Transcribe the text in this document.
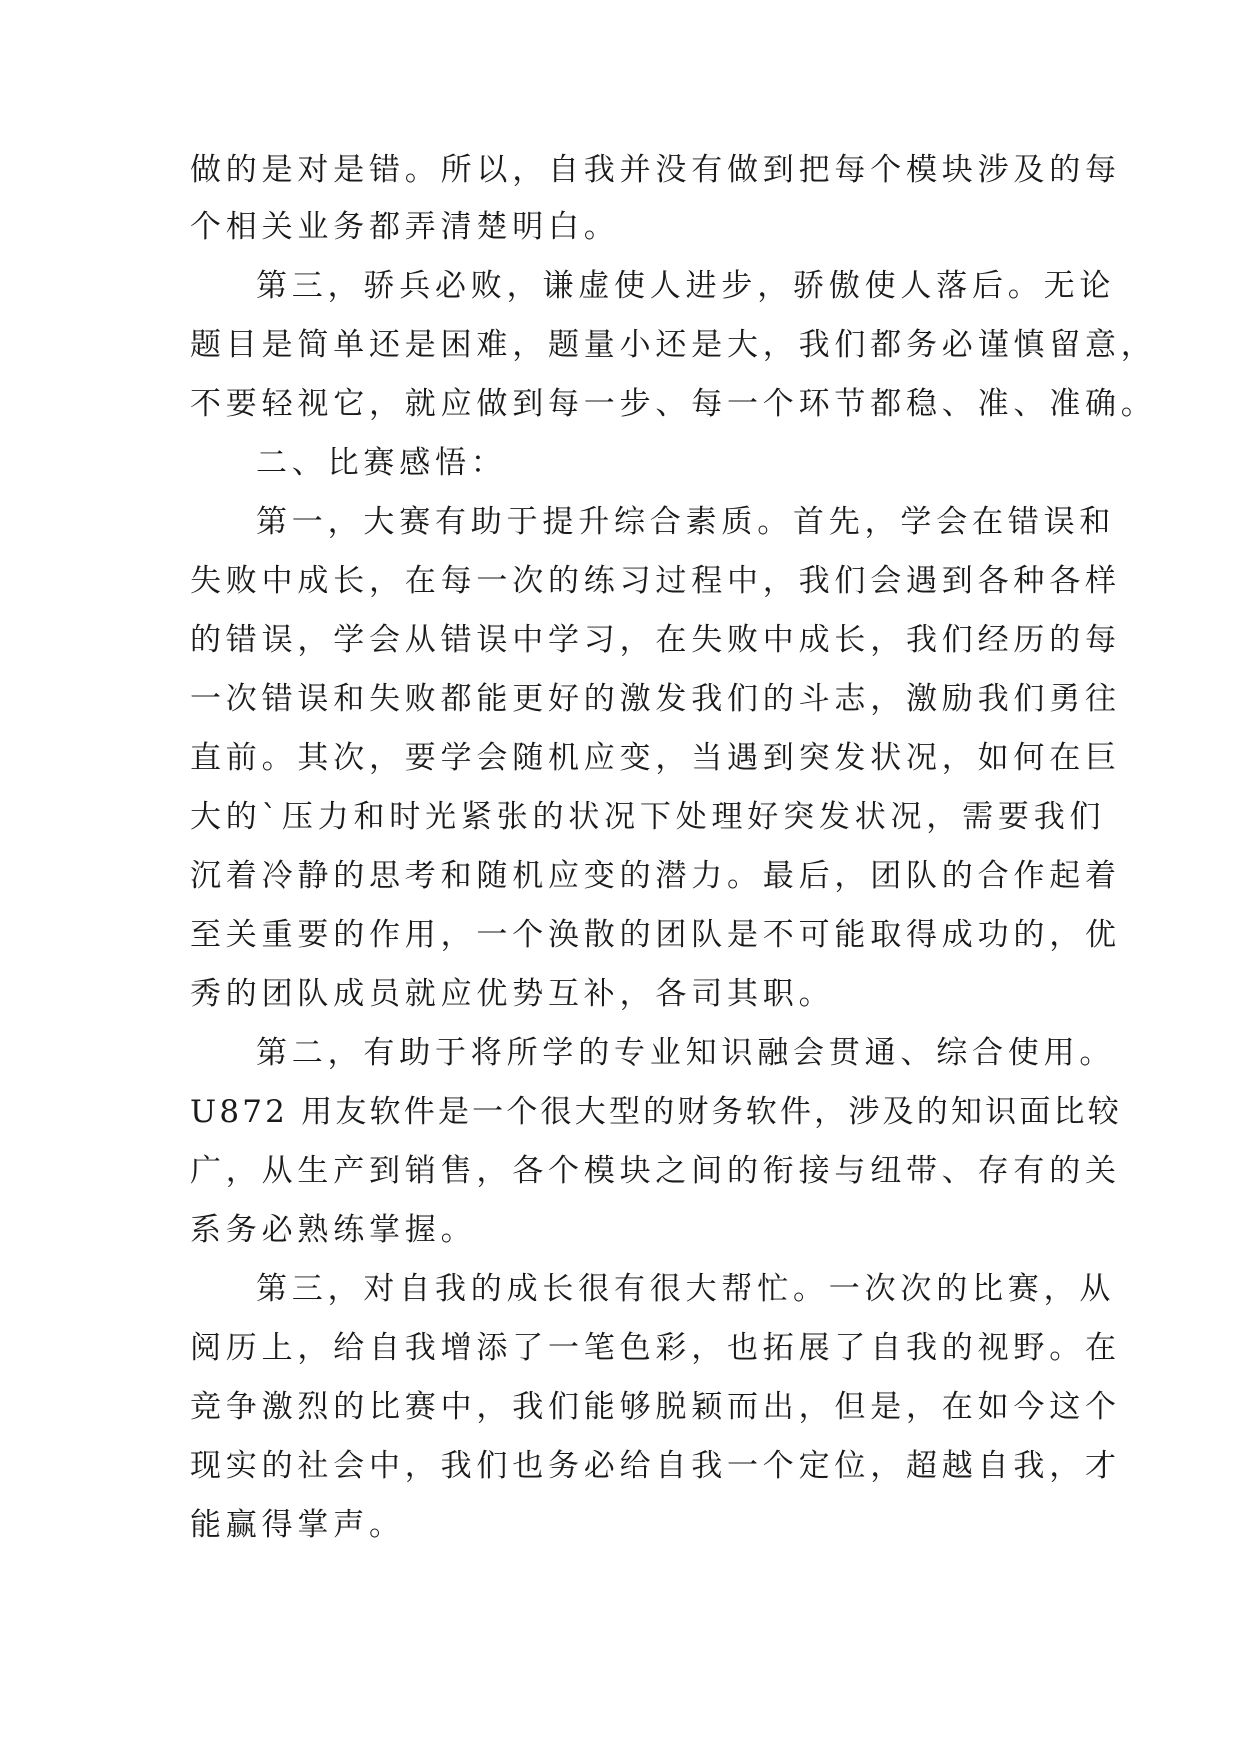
做的是对是错。所以，自我并没有做到把每个模块涉及的每
个相关业务都弄清楚明白。
第三，骄兵必败，谦虚使人进步，骄傲使人落后。无论
题目是简单还是困难，题量小还是大，我们都务必谨慎留意，
不要轻视它，就应做到每一步、每一个环节都稳、准、准确。
二、比赛感悟：
第一，大赛有助于提升综合素质。首先，学会在错误和
失败中成长，在每一次的练习过程中，我们会遇到各种各样
的错误，学会从错误中学习，在失败中成长，我们经历的每
一次错误和失败都能更好的激发我们的斗志，激励我们勇往
直前。其次，要学会随机应变，当遇到突发状况，如何在巨
大的`压力和时光紧张的状况下处理好突发状况，需要我们
沉着冷静的思考和随机应变的潜力。最后，团队的合作起着
至关重要的作用，一个涣散的团队是不可能取得成功的，优
秀的团队成员就应优势互补，各司其职。
第二，有助于将所学的专业知识融会贯通、综合使用。
U872 用友软件是一个很大型的财务软件，涉及的知识面比较
广，从生产到销售，各个模块之间的衔接与纽带、存有的关
系务必熟练掌握。
第三，对自我的成长很有很大帮忙。一次次的比赛，从
阅历上，给自我增添了一笔色彩，也拓展了自我的视野。在
竞争激烈的比赛中，我们能够脱颖而出，但是，在如今这个
现实的社会中，我们也务必给自我一个定位，超越自我，才
能赢得掌声。
